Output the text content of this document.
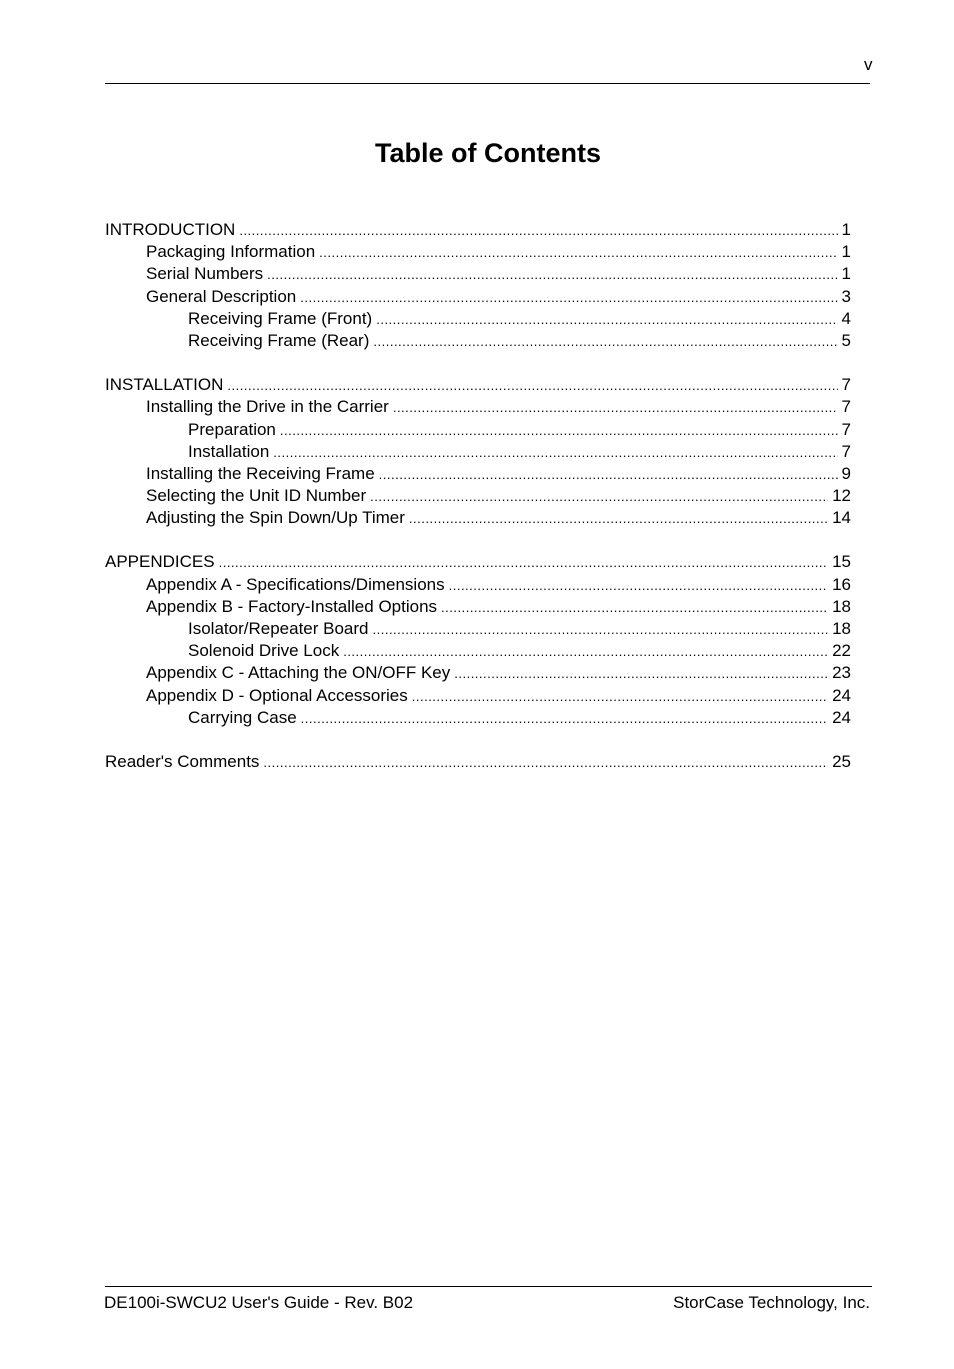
v
Table of Contents
INTRODUCTION .....	1
Packaging Information .....	1
Serial Numbers .....	1
General Description .....	3
Receiving Frame (Front) .....	4
Receiving Frame (Rear) .....	5
INSTALLATION .....	7
Installing the Drive in the Carrier .....	7
Preparation .....	7
Installation .....	7
Installing the Receiving Frame .....	9
Selecting the Unit ID Number .....	12
Adjusting the Spin Down/Up Timer .....	14
APPENDICES .....	15
Appendix A - Specifications/Dimensions .....	16
Appendix B - Factory-Installed Options .....	18
Isolator/Repeater Board .....	18
Solenoid Drive Lock .....	22
Appendix C - Attaching the ON/OFF Key .....	23
Appendix D - Optional Accessories .....	24
Carrying Case .....	24
Reader's Comments .....	25
DE100i-SWCU2 User's Guide - Rev. B02	StorCase Technology, Inc.
